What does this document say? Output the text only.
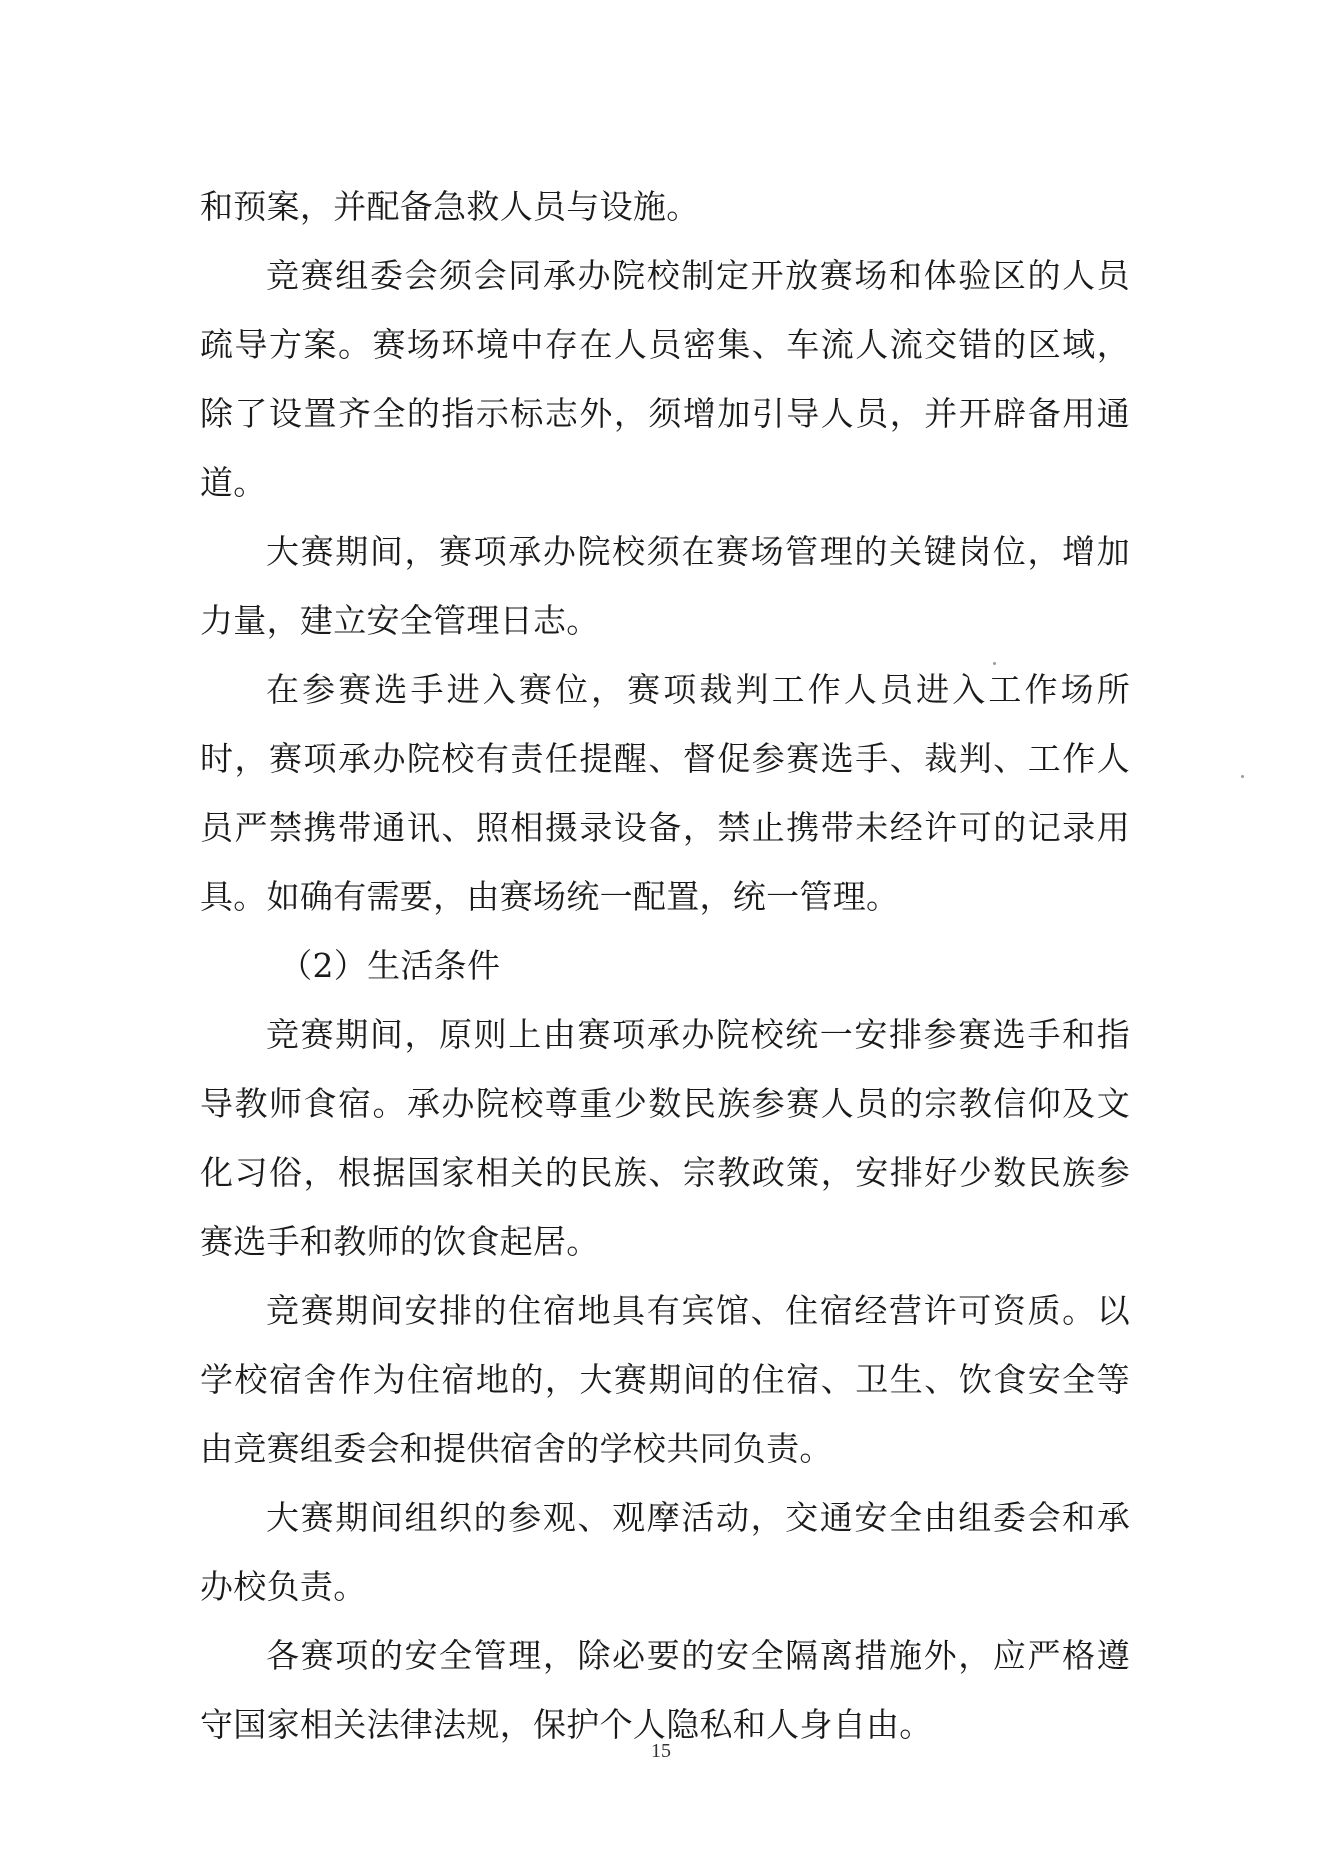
和预案，并配备急救人员与设施。

竞赛组委会须会同承办院校制定开放赛场和体验区的人员疏导方案。赛场环境中存在人员密集、车流人流交错的区域，除了设置齐全的指示标志外，须增加引导人员，并开辟备用通道。

大赛期间，赛项承办院校须在赛场管理的关键岗位，增加力量，建立安全管理日志。

在参赛选手进入赛位，赛项裁判工作人员进入工作场所时，赛项承办院校有责任提醒、督促参赛选手、裁判、工作人员严禁携带通讯、照相摄录设备，禁止携带未经许可的记录用具。如确有需要，由赛场统一配置，统一管理。

（2）生活条件

竞赛期间，原则上由赛项承办院校统一安排参赛选手和指导教师食宿。承办院校尊重少数民族参赛人员的宗教信仰及文化习俗，根据国家相关的民族、宗教政策，安排好少数民族参赛选手和教师的饮食起居。

竞赛期间安排的住宿地具有宾馆、住宿经营许可资质。以学校宿舍作为住宿地的，大赛期间的住宿、卫生、饮食安全等由竞赛组委会和提供宿舍的学校共同负责。

大赛期间组织的参观、观摩活动，交通安全由组委会和承办校负责。

各赛项的安全管理，除必要的安全隔离措施外，应严格遵守国家相关法律法规，保护个人隐私和人身自由。

15
